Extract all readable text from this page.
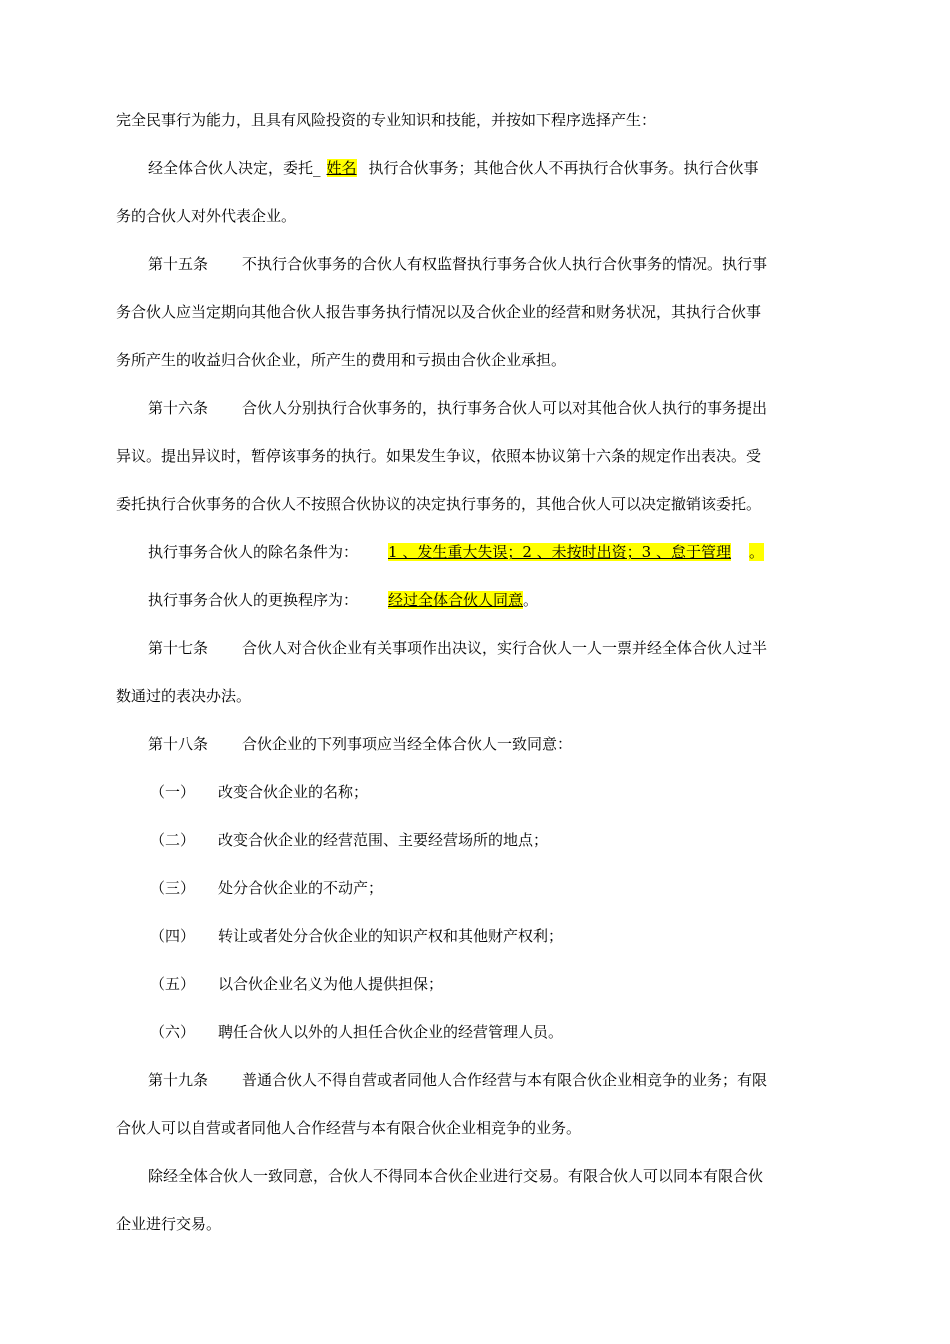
完全民事行为能力，且具有风险投资的专业知识和技能，并按如下程序选择产生：
经全体合伙人决定，委托_ 姓名 执行合伙事务；其他合伙人不再执行合伙事务。执行合伙事
务的合伙人对外代表企业。
第十五条 不执行合伙事务的合伙人有权监督执行事务合伙人执行合伙事务的情况。执行事
务合伙人应当定期向其他合伙人报告事务执行情况以及合伙企业的经营和财务状况，其执行合伙事
务所产生的收益归合伙企业，所产生的费用和亏损由合伙企业承担。
第十六条 合伙人分别执行合伙事务的，执行事务合伙人可以对其他合伙人执行的事务提出
异议。提出异议时，暂停该事务的执行。如果发生争议，依照本协议第十六条的规定作出表决。受
委托执行合伙事务的合伙人不按照合伙协议的决定执行事务的，其他合伙人可以决定撤销该委托。
执行事务合伙人的除名条件为： 1 、发生重大失误；2 、未按时出资；3 、怠于管理 。
执行事务合伙人的更换程序为： 经过全体合伙人同意。
第十七条 合伙人对合伙企业有关事项作出决议，实行合伙人一人一票并经全体合伙人过半
数通过的表决办法。
第十八条 合伙企业的下列事项应当经全体合伙人一致同意：
（一） 改变合伙企业的名称；
（二） 改变合伙企业的经营范围、主要经营场所的地点；
（三） 处分合伙企业的不动产；
（四） 转让或者处分合伙企业的知识产权和其他财产权利；
（五） 以合伙企业名义为他人提供担保；
（六） 聘任合伙人以外的人担任合伙企业的经营管理人员。
第十九条 普通合伙人不得自营或者同他人合作经营与本有限合伙企业相竞争的业务；有限
合伙人可以自营或者同他人合作经营与本有限合伙企业相竞争的业务。
除经全体合伙人一致同意，合伙人不得同本合伙企业进行交易。有限合伙人可以同本有限合伙
企业进行交易。
